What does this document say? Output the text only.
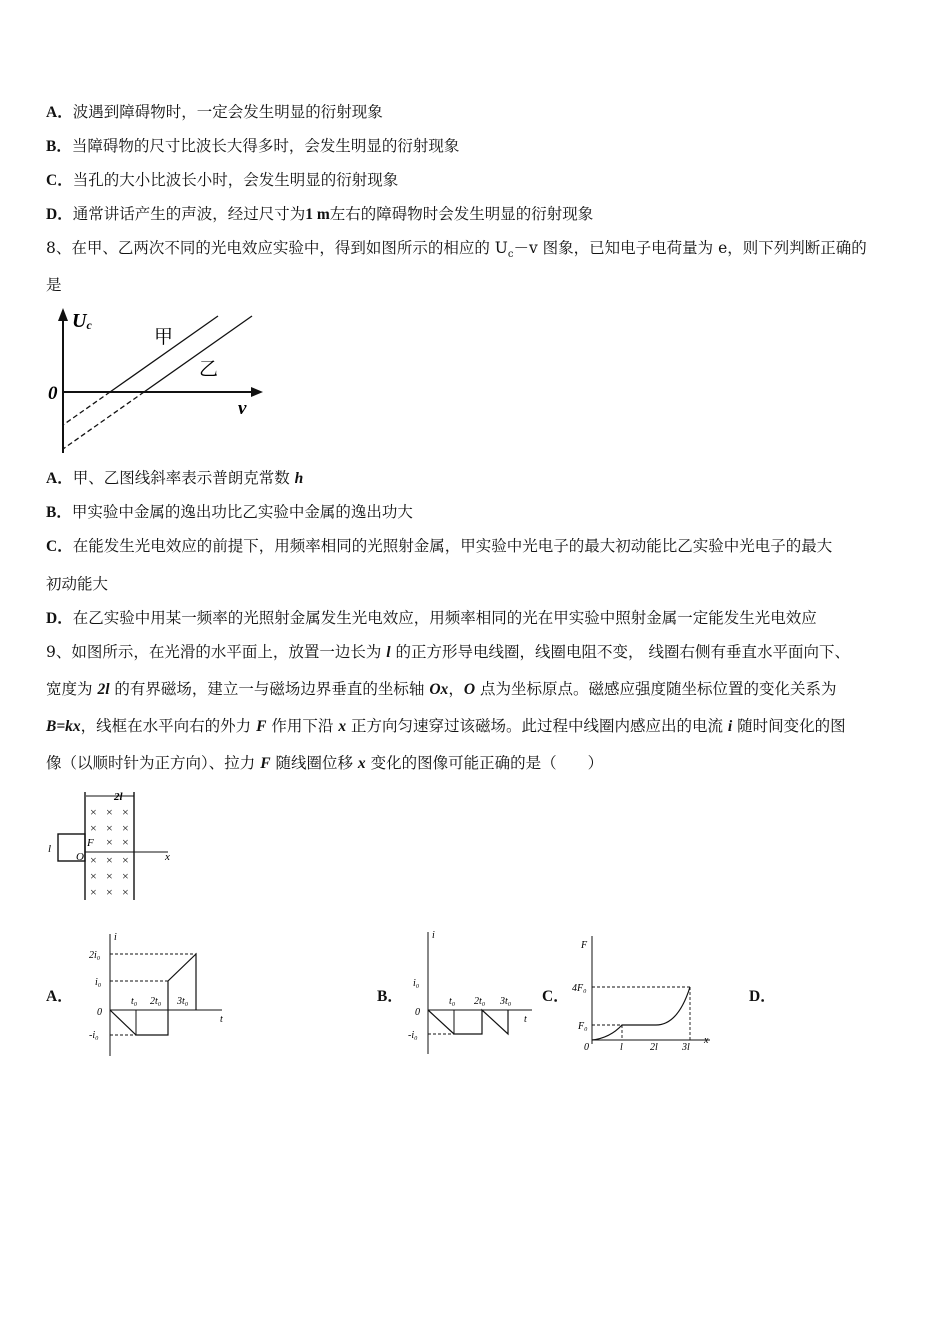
A．波遇到障碍物时，一定会发生明显的衍射现象
B．当障碍物的尺寸比波长大得多时，会发生明显的衍射现象
C．当孔的大小比波长小时，会发生明显的衍射现象
D．通常讲话产生的声波，经过尺寸为1 m左右的障碍物时会发生明显的衍射现象
8、在甲、乙两次不同的光电效应实验中，得到如图所示的相应的 $U_c-v$ 图象，已知电子电荷量为 e，则下列判断正确的
是
Uc
0
v
甲
乙
A．甲、乙图线斜率表示普朗克常数 h
B．甲实验中金属的逸出功比乙实验中金属的逸出功大
C．在能发生光电效应的前提下，用频率相同的光照射金属，甲实验中光电子的最大初动能比乙实验中光电子的最大
初动能大
D．在乙实验中用某一频率的光照射金属发生光电效应，用频率相同的光在甲实验中照射金属一定能发生光电效应
9、如图所示，在光滑的水平面上，放置一边长为 l 的正方形导电线圈，线圈电阻不变， 线圈右侧有垂直水平面向下、
宽度为 2l 的有界磁场，建立一与磁场边界垂直的坐标轴 Ox，O 点为坐标原点。磁感应强度随坐标位置的变化关系为
B=kx，线框在水平向右的外力 F 作用下沿 x 正方向匀速穿过该磁场。此过程中线圈内感应出的电流 i 随时间变化的图
像（以顺时针为正方向）、拉力 F 随线圈位移 x 变化的图像可能正确的是（　　）
2l
l
x
O
F
× × ×
× × ×
× × ×
× × ×
× × ×
× ×
A．
i
t
2i₀
i₀
0
-i₀
t₀ 2t₀ 3t₀	B．
i
t
i₀
0
-i₀
t₀ 2t₀ 3t₀ C．
F
x
4F₀
F₀
0	l	2l 3l
D．
